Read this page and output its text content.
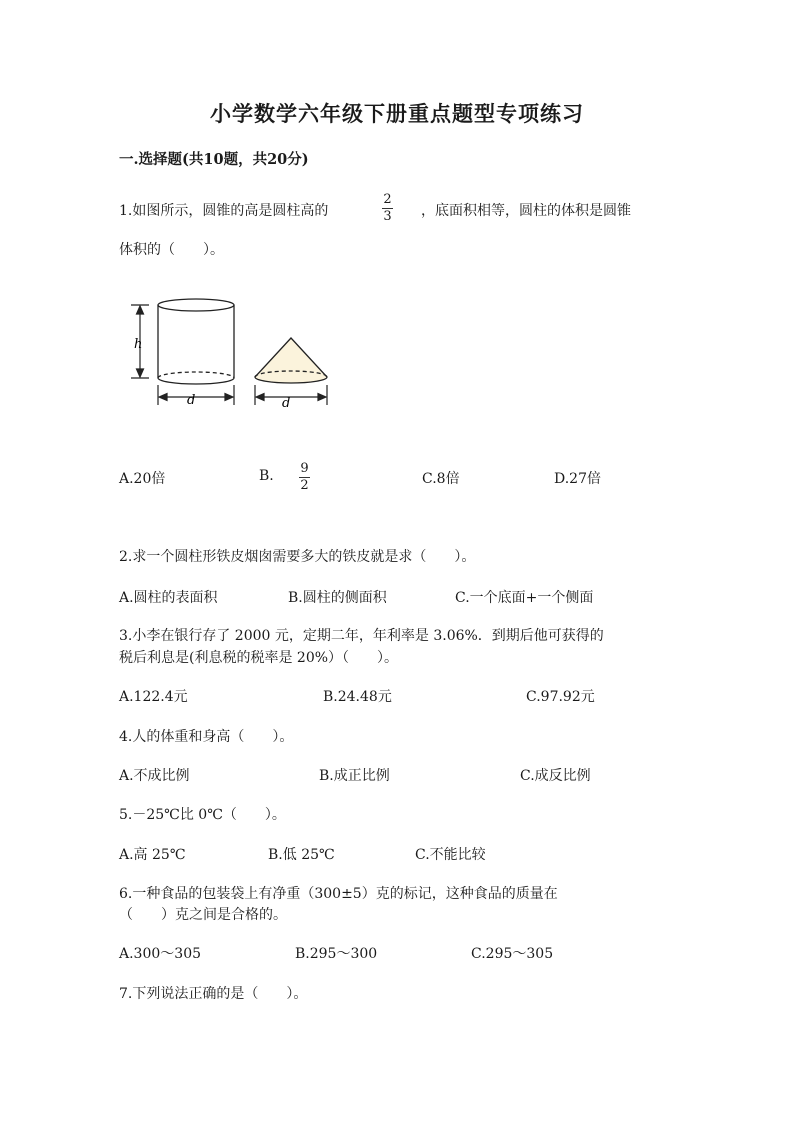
小学数学六年级下册重点题型专项练习
一.选择题(共10题，共20分)
1.如图所示，圆锥的高是圆柱高的
2
3 ，底面积相等，圆柱的体积是圆锥
体积的（　　）。
h
d	d
A.20倍	B. 9
2	C.8倍	D.27倍
2.求一个圆柱形铁皮烟囱需要多大的铁皮就是求（　　）。
A.圆柱的表面积	B.圆柱的侧面积	C.一个底面+一个侧面
3.小李在银行存了 2000 元，定期二年，年利率是 3.06%．到期后他可获得的
税后利息是(利息税的税率是 20%）（　　）。
A.122.4元	B.24.48元	C.97.92元
4.人的体重和身高（　　）。
A.不成比例	B.成正比例	C.成反比例
5.－25℃比 0℃（　　）。
A.高 25℃	B.低 25℃	C.不能比较
6.一种食品的包装袋上有净重（300±5）克的标记，这种食品的质量在
（　　）克之间是合格的。
A.300～305	B.295～300	C.295～305
7.下列说法正确的是（　　）。
